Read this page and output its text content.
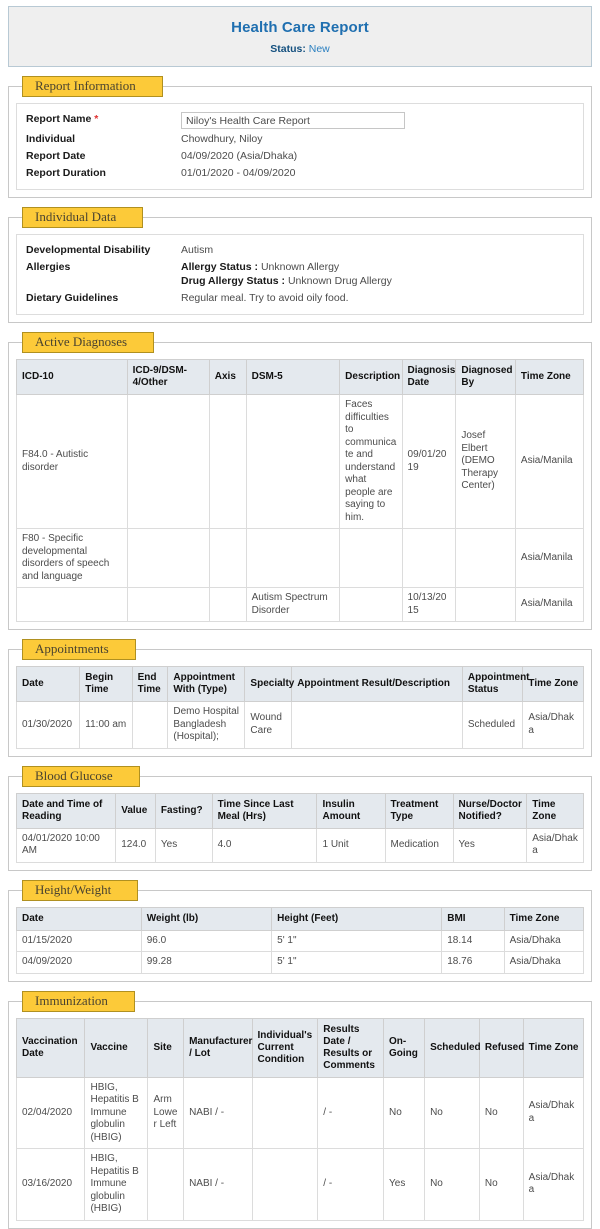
Health Care Report
Status: New
Report Information
Report Name *	Niloy's Health Care Report
Individual	Chowdhury, Niloy
Report Date	04/09/2020 (Asia/Dhaka)
Report Duration	01/01/2020 - 04/09/2020
Individual Data
Developmental Disability	Autism
Allergies	Allergy Status : Unknown Allergy
Drug Allergy Status : Unknown Drug Allergy

Dietary Guidelines	Regular meal. Try to avoid oily food.
Active Diagnoses
ICD-10	ICD-9/DSM-4/Other	Axis	DSM-5	Description	Diagnosis Date	Diagnosed By	Time Zone
F84.0 - Autistic disorder				Faces difficulties to communicate and understand what people are saying to him.	09/01/2019	Josef Elbert (DEMO Therapy Center)	Asia/Manila
F80 - Specific developmental disorders of speech and language							Asia/Manila
			Autism Spectrum Disorder		10/13/2015		Asia/Manila
Appointments
Date	Begin Time	End Time	Appointment With (Type)	Specialty	Appointment Result/Description	Appointment Status	Time Zone
01/30/2020	11:00 am		Demo Hospital Bangladesh (Hospital);	Wound Care		Scheduled	Asia/Dhaka
Blood Glucose
Date and Time of Reading	Value	Fasting?	Time Since Last Meal (Hrs)	Insulin Amount	Treatment Type	Nurse/Doctor Notified?	Time Zone
04/01/2020 10:00 AM	124.0	Yes	4.0	1 Unit	Medication	Yes	Asia/Dhaka
Height/Weight
Date	Weight (lb)	Height (Feet)	BMI	Time Zone
01/15/2020	96.0	5' 1"	18.14	Asia/Dhaka
04/09/2020	99.28	5' 1"	18.76	Asia/Dhaka
Immunization
Vaccination Date	Vaccine	Site	Manufacturer / Lot	Individual's Current Condition	Results Date / Results or Comments	On-Going	Scheduled	Refused	Time Zone
02/04/2020	HBIG, Hepatitis B Immune globulin (HBIG)	Arm Lower Left	NABI / -		/ -	No	No	No	Asia/Dhaka
03/16/2020	HBIG, Hepatitis B Immune globulin (HBIG)		NABI / -		/ -	Yes	No	No	Asia/Dhaka
